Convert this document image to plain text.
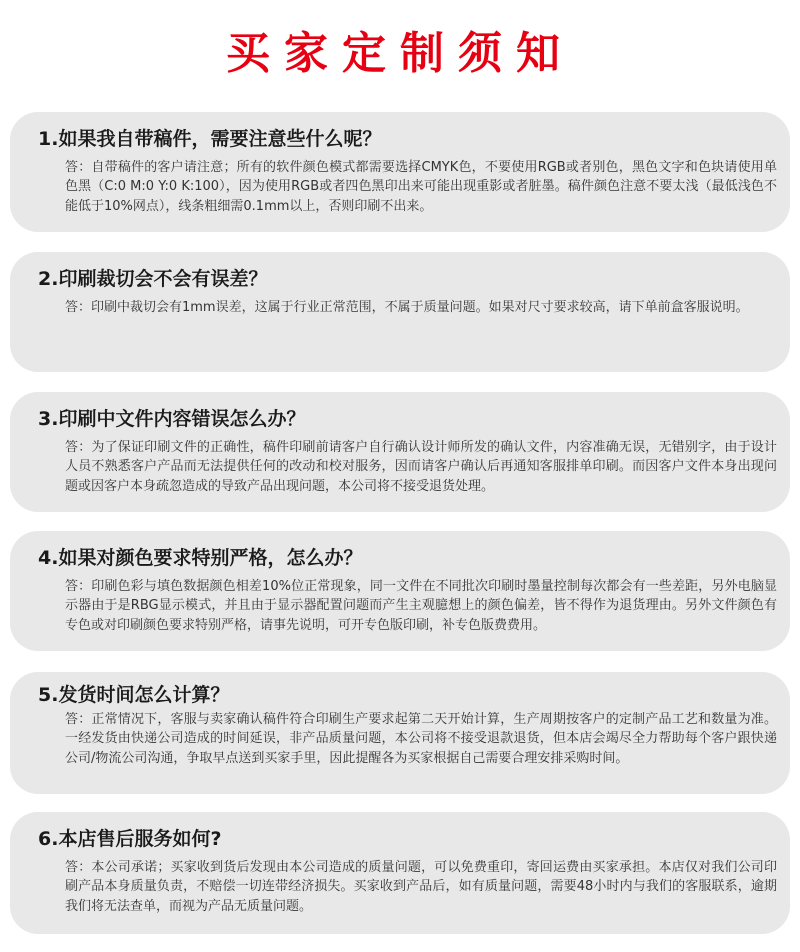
买家定制须知
1.如果我自带稿件，需要注意些什么呢？
答：自带稿件的客户请注意；所有的软件颜色模式都需要选择CMYK色，不要使用RGB或者别色，黑色文字和色块请使用单色黑（C:0 M:0 Y:0 K:100），因为使用RGB或者四色黑印出来可能出现重影或者脏墨。稿件颜色注意不要太浅（最低浅色不能低于10%网点），线条粗细需0.1mm以上，否则印刷不出来。
2.印刷裁切会不会有误差？
答：印刷中裁切会有1mm误差，这属于行业正常范围，不属于质量问题。如果对尺寸要求较高，请下单前盒客服说明。
3.印刷中文件内容错误怎么办？
答：为了保证印刷文件的正确性，稿件印刷前请客户自行确认设计师所发的确认文件，内容准确无误，无错别字，由于设计人员不熟悉客户产品而无法提供任何的改动和校对服务，因而请客户确认后再通知客服排单印刷。而因客户文件本身出现问题或因客户本身疏忽造成的导致产品出现问题，本公司将不接受退货处理。
4.如果对颜色要求特别严格，怎么办？
答：印刷色彩与填色数据颜色相差10%位正常现象，同一文件在不同批次印刷时墨量控制每次都会有一些差距，另外电脑显示器由于是RBG显示模式，并且由于显示器配置问题而产生主观臆想上的颜色偏差，皆不得作为退货理由。另外文件颜色有专色或对印刷颜色要求特别严格，请事先说明，可开专色版印刷，补专色版费费用。
5.发货时间怎么计算？
答：正常情况下，客服与卖家确认稿件符合印刷生产要求起第二天开始计算，生产周期按客户的定制产品工艺和数量为准。一经发货由快递公司造成的时间延误，非产品质量问题，本公司将不接受退款退货，但本店会竭尽全力帮助每个客户跟快递公司/物流公司沟通，争取早点送到买家手里，因此提醒各为买家根据自己需要合理安排采购时间。
6.本店售后服务如何?
答：本公司承诺；买家收到货后发现由本公司造成的质量问题，可以免费重印，寄回运费由买家承担。本店仅对我们公司印刷产品本身质量负责，不赔偿一切连带经济损失。买家收到产品后，如有质量问题，需要48小时内与我们的客服联系，逾期我们将无法查单，而视为产品无质量问题。
